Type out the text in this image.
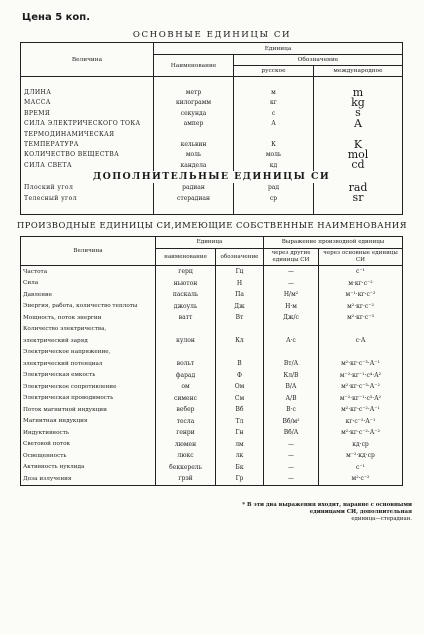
Цена 5 коп.
ОСНОВНЫЕ ЕДИНИЦЫ СИ
Величина	Единица		
	Наименование	Обозначение	
		русское	международное

ДЛИНА	метр	м	m
МАССА	килограмм	кг	kg
ВРЕМЯ	секунда	с	s
СИЛА ЭЛЕКТРИЧЕСКОГО ТОКА	ампер	А	A
ТЕРМОДИНАМИЧЕСКАЯ			
ТЕМПЕРАТУРА	кельвин	К	K
КОЛИЧЕСТВО ВЕЩЕСТВА	моль	моль	mol
СИЛА СВЕТА	кандела	кд	cd
ДОПОЛНИТЕЛЬНЫЕ ЕДИНИЦЫ СИ			
Плоский угол	радиан	рад	rad
Телесный угол	стерадиан	ср	sr

ПРОИЗВОДНЫЕ ЕДИНИЦЫ СИ,ИМЕЮЩИЕ СОБСТВЕННЫЕ НАИМЕНОВАНИЯ
Величина	Единица		Выражение производной единицы	
	наименование	обозначение	через другие единицы СИ	через основные единицы СИ
Частота	герц	Гц	—	с⁻¹
Сила	ньютон	Н	—	м·кг·с⁻²
Давление	паскаль	Па	Н/м²	м⁻¹·кг·с⁻²
Энергия, работа, количество теплоты	джоуль	Дж	Н·м	м²·кг·с⁻²
Мощность, поток энергии	ватт	Вт	Дж/с	м²·кг·с⁻³
Количество электричества,				
электрический заряд	кулон	Кл	А·с	с·А
Электрическое напряжение,				
электрический потенциал	вольт	В	Вт/А	м²·кг·с⁻³·А⁻¹
Электрическая емкость	фарад	Ф	Кл/В	м⁻²·кг⁻¹·с⁴·А²
Электрическое сопротивление	ом	Ом	В/А	м²·кг·с⁻³·А⁻²
Электрическая проводимость	сименс	См	А/В	м⁻²·кг⁻¹·с³·А²
Поток магнитной индукции	вебер	Вб	В·с	м²·кг·с⁻²·А⁻¹
Магнитная индукция	тесла	Тл	Вб/м²	кг·с⁻²·А⁻¹
Индуктивность	генри	Гн	Вб/А	м²·кг·с⁻²·А⁻²
Световой поток	люмен	лм	—	кд·ср
Освещенность	люкс	лк	—	м⁻²·кд·ср
Активность нуклида	беккерель	Бк	—	с⁻¹
Доза излучения	грэй	Гр	—	м²·с⁻²
* В эти два выражения входит, наравне с основными единицами СИ, дополнительная
единица—стерадиан.
